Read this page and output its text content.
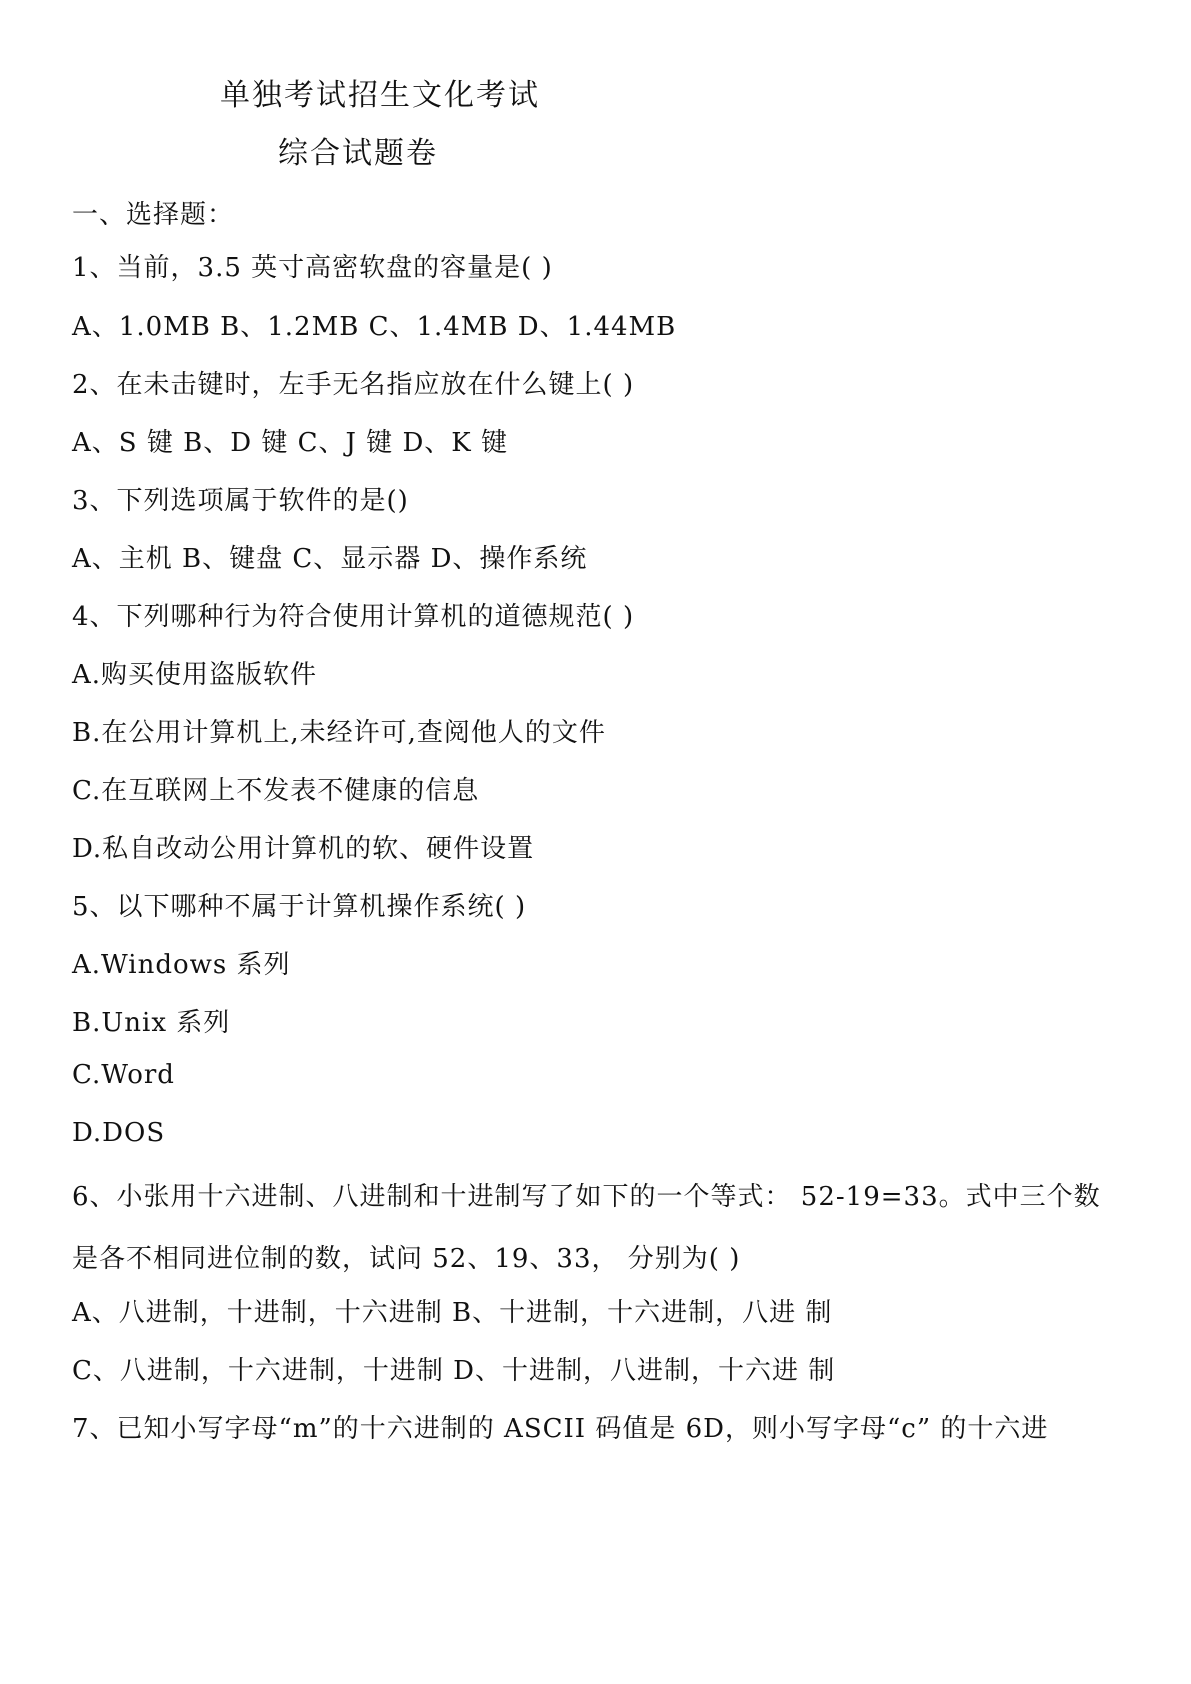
单独考试招生文化考试
综合试题卷
一、选择题：
1、当前，3.5 英寸高密软盘的容量是( )
A、1.0MB B、1.2MB C、1.4MB D、1.44MB
2、在未击键时，左手无名指应放在什么键上( )
A、S 键 B、D 键 C、J 键 D、K 键
3、下列选项属于软件的是()
A、主机 B、键盘 C、显示器 D、操作系统
4、下列哪种行为符合使用计算机的道德规范( )
A.购买使用盗版软件
B.在公用计算机上,未经许可,查阅他人的文件
C.在互联网上不发表不健康的信息
D.私自改动公用计算机的软、硬件设置
5、以下哪种不属于计算机操作系统( )
A.Windows 系列
B.Unix 系列
C.Word
D.DOS
6、小张用十六进制、八进制和十进制写了如下的一个等式： 52-19=33。式中三个数
是各不相同进位制的数，试问 52、19、33， 分别为( )
A、八进制，十进制，十六进制 B、十进制，十六进制，八进 制
C、八进制，十六进制，十进制 D、十进制，八进制，十六进 制
7、已知小写字母“m”的十六进制的 ASCII 码值是 6D，则小写字母“c” 的十六进
